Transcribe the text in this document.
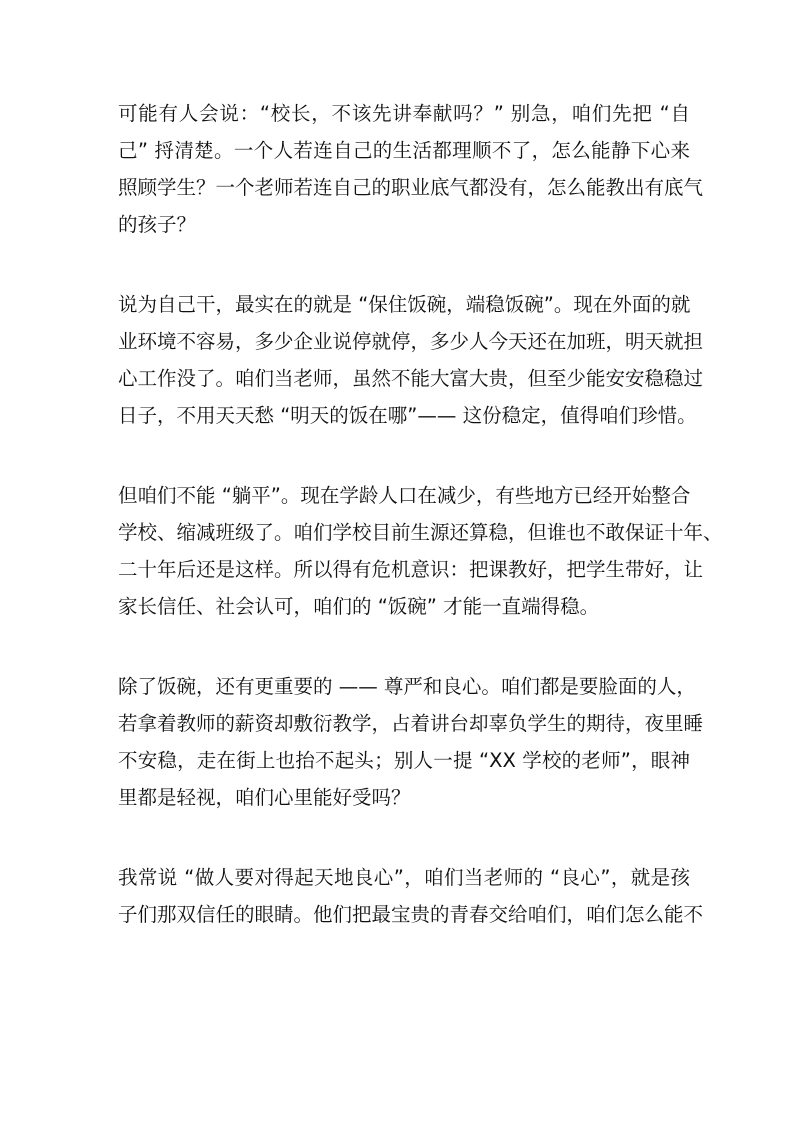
可能有人会说：“校长，不该先讲奉献吗？” 别急，咱们先把 “自
己” 捋清楚。一个人若连自己的生活都理顺不了，怎么能静下心来
照顾学生？一个老师若连自己的职业底气都没有，怎么能教出有底气
的孩子？
说为自己干，最实在的就是 “保住饭碗，端稳饭碗”。现在外面的就
业环境不容易，多少企业说停就停，多少人今天还在加班，明天就担
心工作没了。咱们当老师，虽然不能大富大贵，但至少能安安稳稳过
日子，不用天天愁 “明天的饭在哪”—— 这份稳定，值得咱们珍惜。
但咱们不能 “躺平”。现在学龄人口在减少，有些地方已经开始整合
学校、缩减班级了。咱们学校目前生源还算稳，但谁也不敢保证十年、
二十年后还是这样。所以得有危机意识：把课教好，把学生带好，让
家长信任、社会认可，咱们的 “饭碗” 才能一直端得稳。
除了饭碗，还有更重要的 —— 尊严和良心。咱们都是要脸面的人，
若拿着教师的薪资却敷衍教学，占着讲台却辜负学生的期待，夜里睡
不安稳，走在街上也抬不起头；别人一提 “XX 学校的老师”，眼神
里都是轻视，咱们心里能好受吗？
我常说 “做人要对得起天地良心”，咱们当老师的 “良心”，就是孩
子们那双信任的眼睛。他们把最宝贵的青春交给咱们，咱们怎么能不
